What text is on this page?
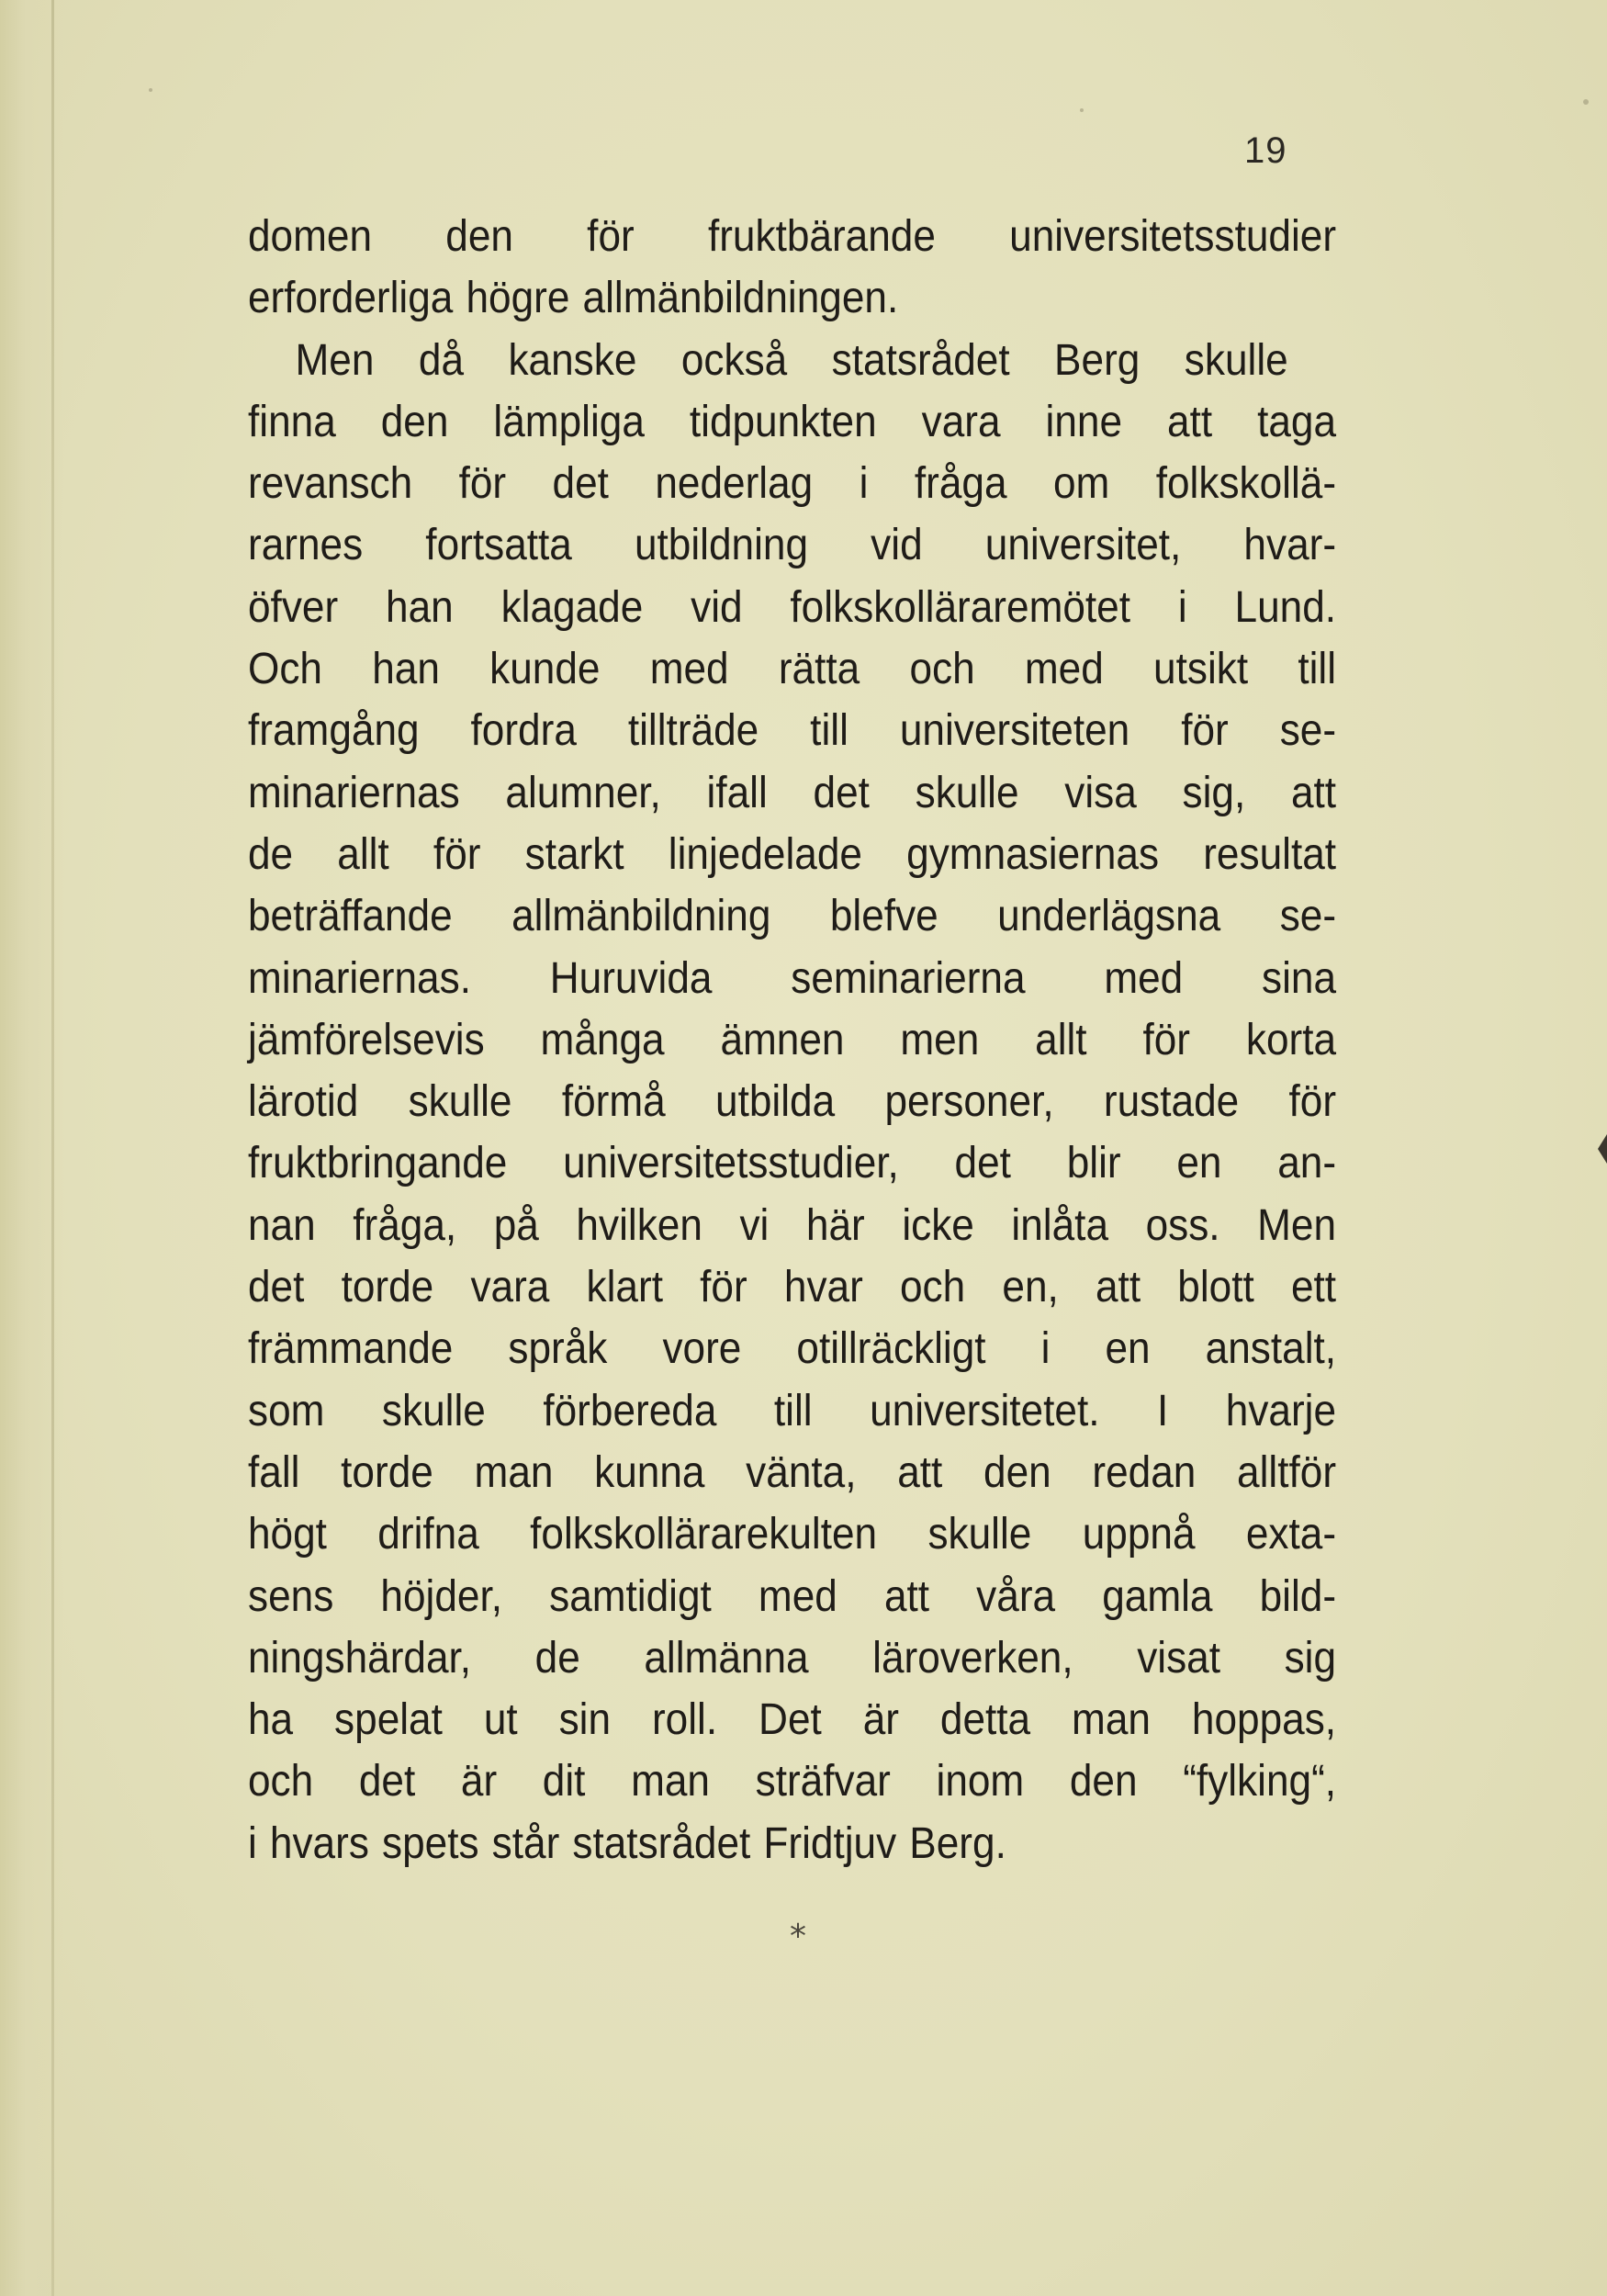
19
domen den för fruktbärande universitetsstudier
erforderliga högre allmänbildningen.
Men då kanske också statsrådet Berg skulle
finna den lämpliga tidpunkten vara inne att taga
revansch för det nederlag i fråga om folkskollä-
rarnes fortsatta utbildning vid universitet, hvar-
öfver han klagade vid folkskolläraremötet i Lund.
Och han kunde med rätta och med utsikt till
framgång fordra tillträde till universiteten för se-
minariernas alumner, ifall det skulle visa sig, att
de allt för starkt linjedelade gymnasiernas resultat
beträffande allmänbildning blefve underlägsna se-
minariernas. Huruvida seminarierna med sina
jämförelsevis många ämnen men allt för korta
lärotid skulle förmå utbilda personer, rustade för
fruktbringande universitetsstudier, det blir en an-
nan fråga, på hvilken vi här icke inlåta oss. Men
det torde vara klart för hvar och en, att blott ett
främmande språk vore otillräckligt i en anstalt,
som skulle förbereda till universitetet. I hvarje
fall torde man kunna vänta, att den redan alltför
högt drifna folkskollärarekulten skulle uppnå exta-
sens höjder, samtidigt med att våra gamla bild-
ningshärdar, de allmänna läroverken, visat sig
ha spelat ut sin roll. Det är detta man hoppas,
och det är dit man sträfvar inom den “fylking“,
i hvars spets står statsrådet Fridtjuv Berg.
*
